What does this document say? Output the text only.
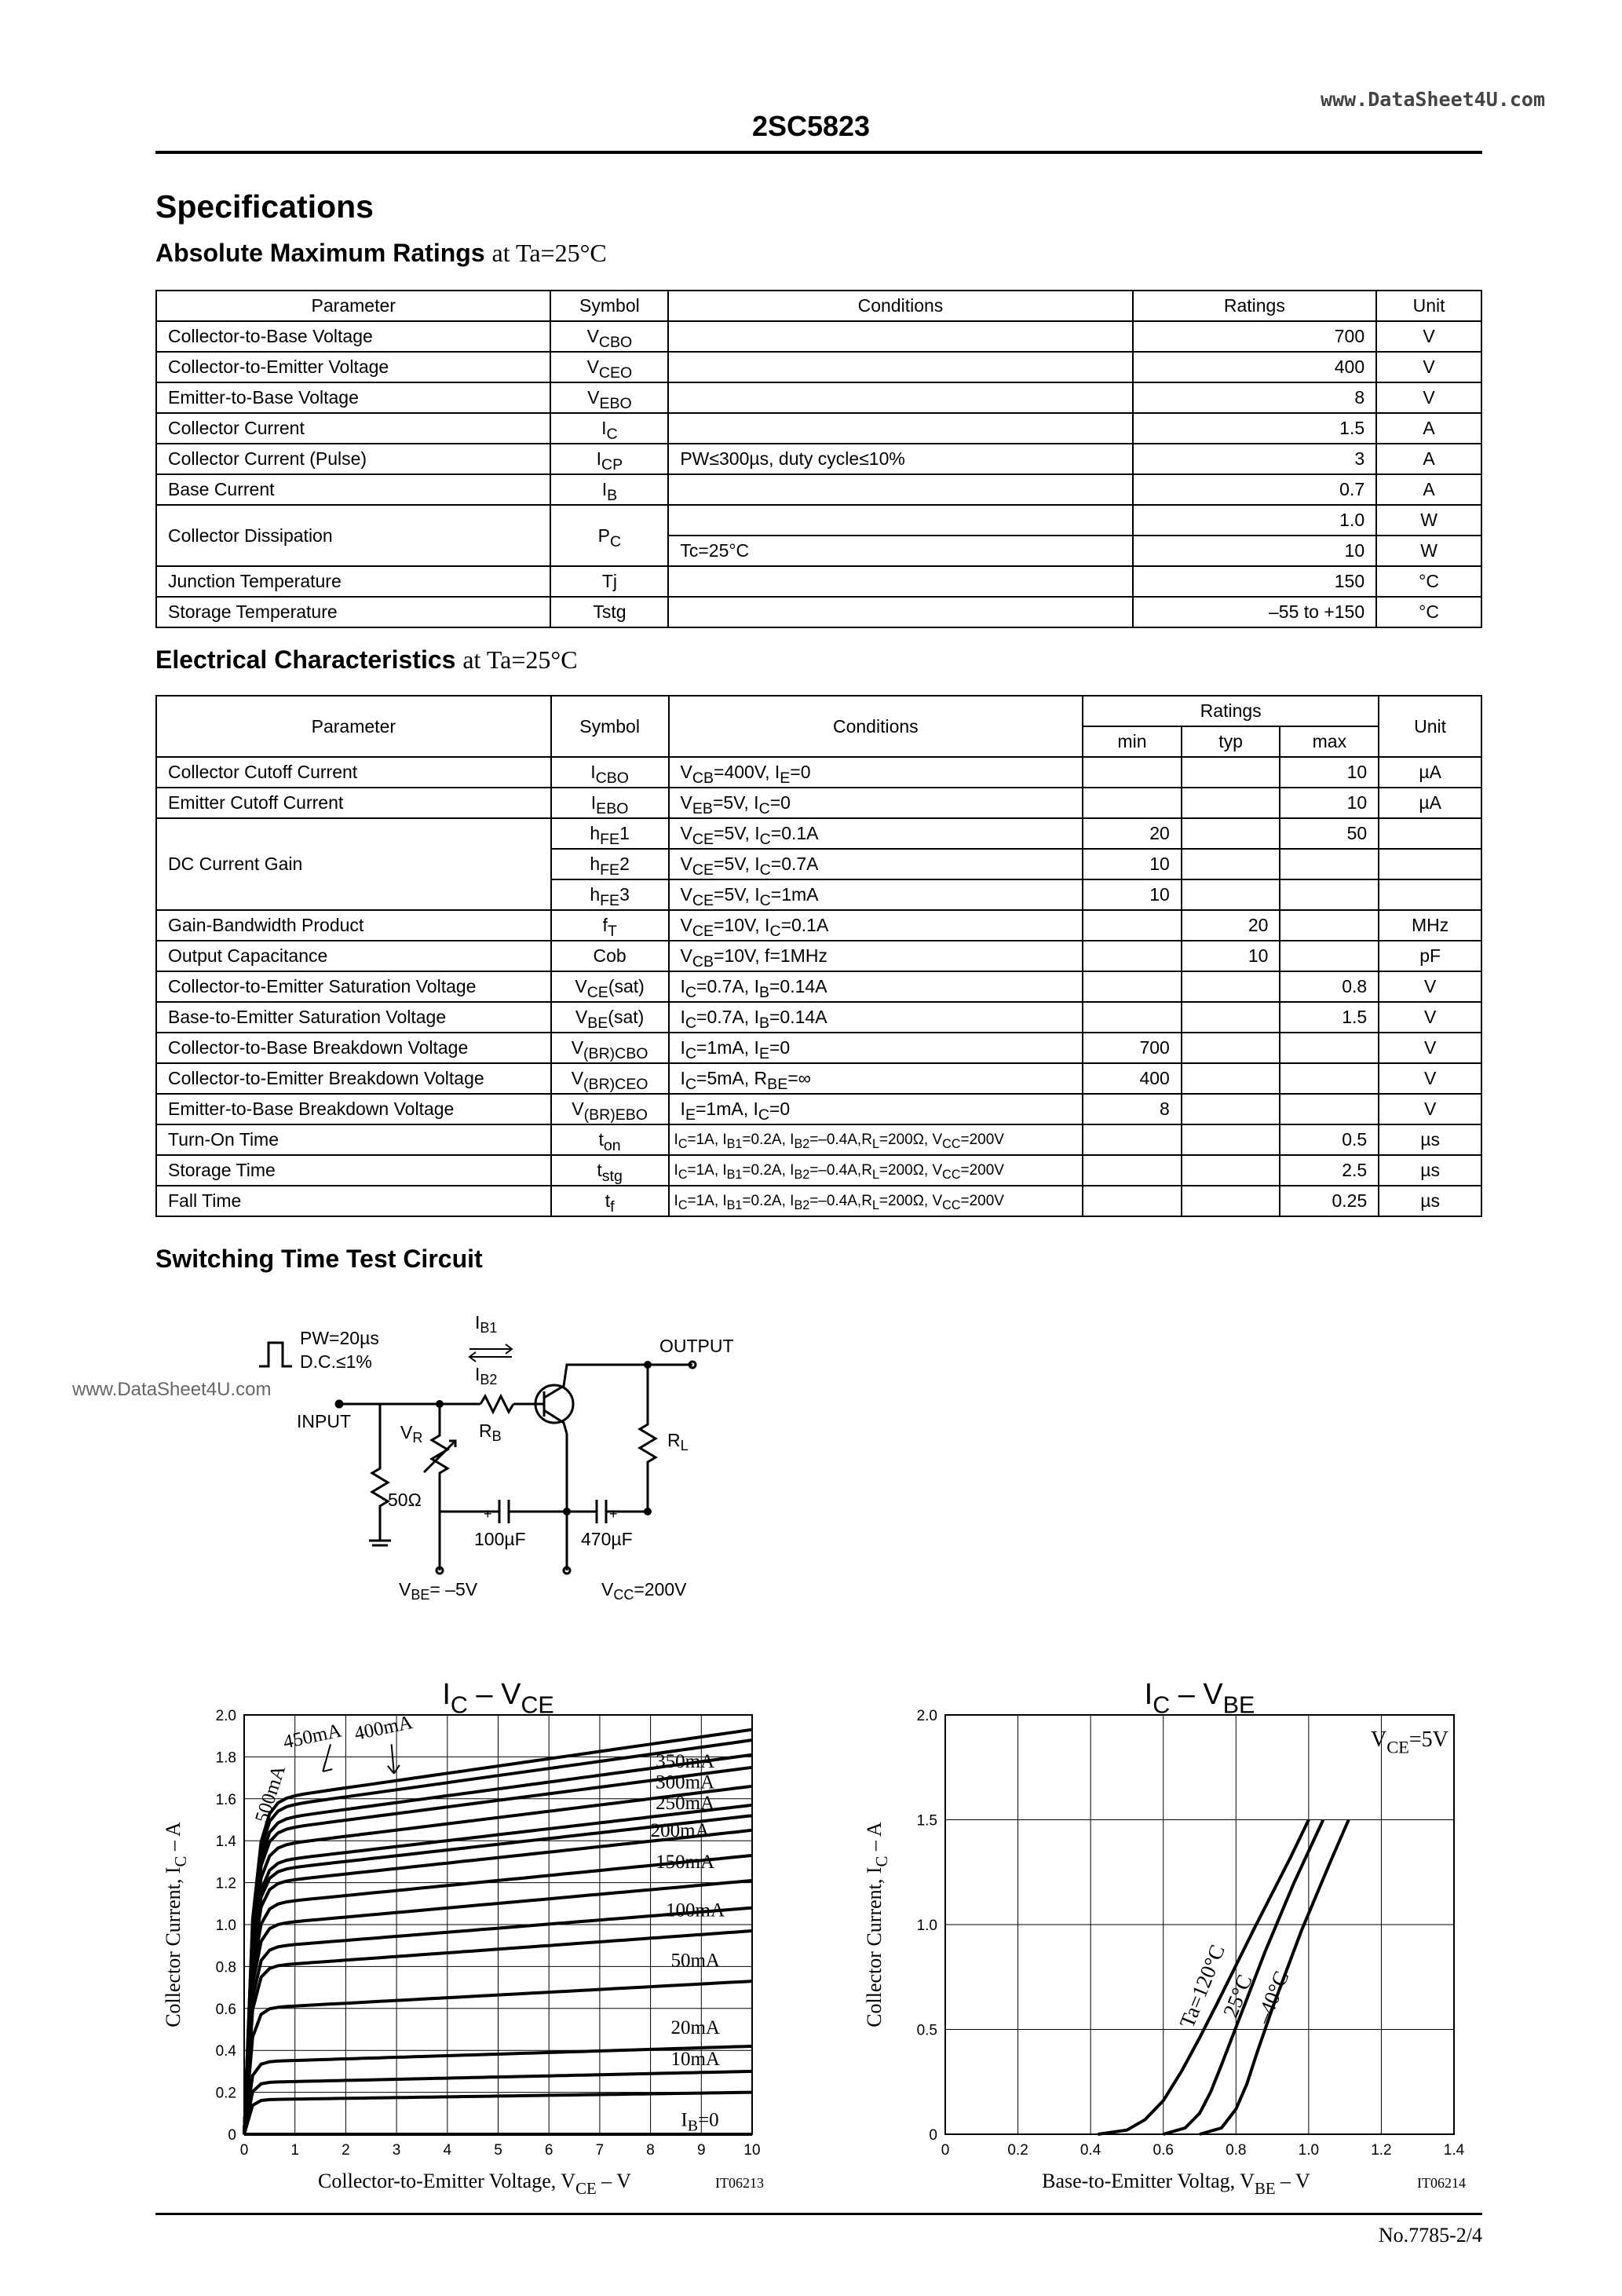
2SC5823
www.DataSheet4U.com
Specifications
Absolute Maximum Ratings at Ta=25°C
Parameter	Symbol	Conditions	Ratings	Unit
Collector-to-Base Voltage	$V_{CBO}$		700	V
Collector-to-Emitter Voltage	$V_{CEO}$		400	V
Emitter-to-Base Voltage	$V_{EBO}$		8	V
Collector Current	$I_C$		1.5	A
Collector Current (Pulse)	$I_{CP}$	PW≤300µs, duty cycle≤10%	3	A
Base Current	$I_B$		0.7	A
Collector Dissipation	$P_C$		1.0	W
		Tc=25°C	10	W
Junction Temperature	Tj		150	°C
Storage Temperature	Tstg		–55 to +150	°C
Electrical Characteristics at Ta=25°C
Parameter	Symbol	Conditions	Ratings			Unit
			min	typ	max	
Collector Cutoff Current	$I_{CBO}$	$V_{CB}=400V$, $I_E=0$			10	µA
Emitter Cutoff Current	$I_{EBO}$	$V_{EB}=5V$, $I_C=0$			10	µA
DC Current Gain	$h_{FE}1$	$V_{CE}=5V$, $I_C=0.1A$	20		50	
	$h_{FE}2$	$V_{CE}=5V$, $I_C=0.7A$	10			
	$h_{FE}3$	$V_{CE}=5V$, $I_C=1mA$	10			
Gain-Bandwidth Product	$f_T$	$V_{CE}=10V$, $I_C=0.1A$		20		MHz
Output Capacitance	Cob	$V_{CB}=10V$, f=1MHz		10		pF
Collector-to-Emitter Saturation Voltage	$V_{CE}(sat)$	$I_C=0.7A$, $I_B=0.14A$			0.8	V
Base-to-Emitter Saturation Voltage	$V_{BE}(sat)$	$I_C=0.7A$, $I_B=0.14A$			1.5	V
Collector-to-Base Breakdown Voltage	$V_{(BR)CBO}$	$I_C=1mA$, $I_E=0$	700			V
Collector-to-Emitter Breakdown Voltage	$V_{(BR)CEO}$	$I_C=5mA$, $R_{BE}=\infty$	400			V
Emitter-to-Base Breakdown Voltage	$V_{(BR)EBO}$	$I_E=1mA$, $I_C=0$	8			V
Turn-On Time	$t_{on}$	$I_C=1A$, $I_{B1}=0.2A$, $I_{B2}=-0.4A,R_L=200\Omega$, $V_{CC}=200V$			0.5	µs
Storage Time	$t_{stg}$	$I_C=1A$, $I_{B1}=0.2A$, $I_{B2}=-0.4A,R_L=200\Omega$, $V_{CC}=200V$			2.5	µs
Fall Time	$t_f$	$I_C=1A$, $I_{B1}=0.2A$, $I_{B2}=-0.4A,R_L=200\Omega$, $V_{CC}=200V$			0.25	µs
Switching Time Test Circuit
PW=20µs
D.C.≤1%
OUTPUT
INPUT
$I_{B1}$
$I_{B2}$
$V_R$	$R_B$	$R_L$
50Ω
100µF	470µF
$V_{BE}= -5V$	$V_{CC}=200V$
+	+
www.DataSheet4U.com
0	1	2	3	4	5	6	7	8	9	10
0
0.2
0.4
0.6
0.8
1.0
1.2
1.4
1.6
1.8
2.0
$I_C - V_{CE}$
Collector-to-Emitter Voltage, $V_{CE}$ – V
Collector Current, $I_C$ – A
IT06213
$I_B=0$
10mA
20mA
50mA
100mA
150mA
200mA
250mA
300mA
350mA
400mA
450mA
500mA
0	0.2	0.4	0.6	0.8	1.0	1.2	1.4
0
0.5
1.0
1.5
2.0
$I_C - V_{BE}$
Base-to-Emitter Voltag, $V_{BE}$ – V
Collector Current, $I_C$ – A
IT06214
Ta=120°C
25°C
–40°C
$V_{CE}=5V$
No.7785-2/4
